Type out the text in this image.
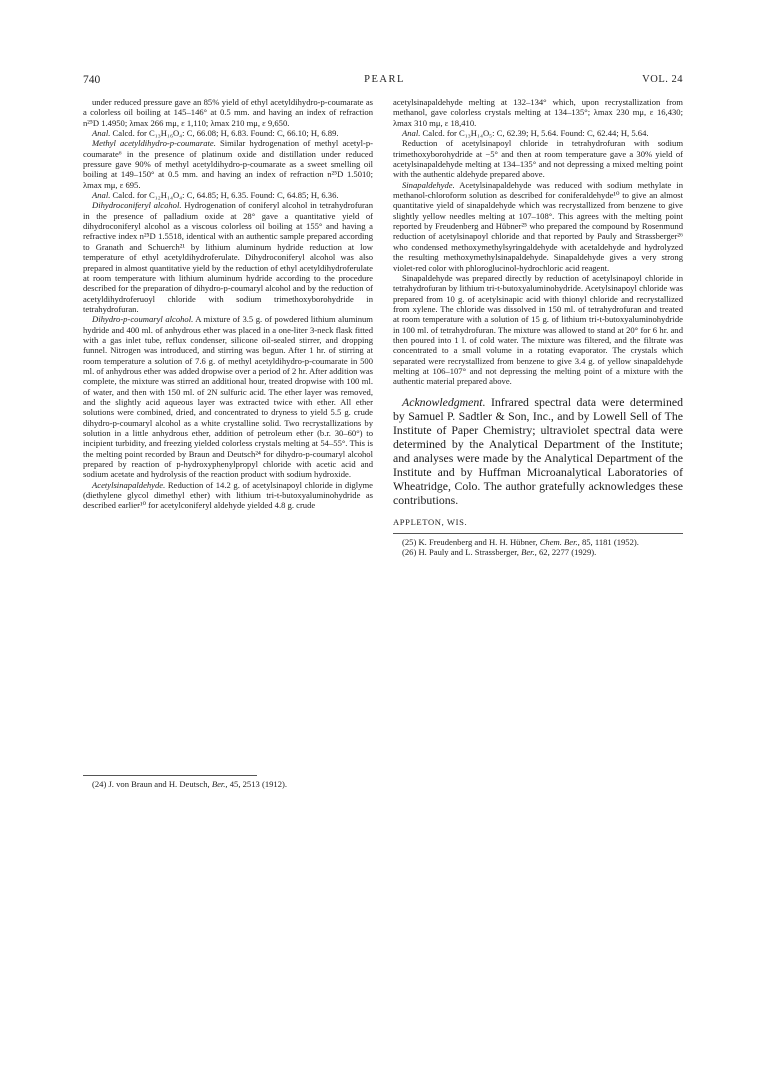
740	PEARL	VOL. 24

under reduced pressure gave an 85% yield of ethyl acetyldihydro-p-coumarate as a colorless oil boiling at 145–146° at 0.5 mm. and having an index of refraction n²⁵D 1.4950; λmax 266 mμ, ε 1,110; λmax 210 mμ, ε 9,650.

Anal. Calcd. for C₁₃H₁₆O₄: C, 66.08; H, 6.83. Found: C, 66.10; H, 6.89.

Methyl acetyldihydro-p-coumarate. Similar hydrogenation of methyl acetyl-p-coumarate⁶ in the presence of platinum oxide and distillation under reduced pressure gave 90% of methyl acetyldihydro-p-coumarate as a sweet smelling oil boiling at 149–150° at 0.5 mm. and having an index of refraction n²⁵D 1.5010; λmax mμ, ε 695.

Anal. Calcd. for C₁₂H₁₄O₄: C, 64.85; H, 6.35. Found: C, 64.85; H, 6.36.

Dihydroconiferyl alcohol. Hydrogenation of coniferyl alcohol in tetrahydrofuran in the presence of palladium oxide at 28° gave a quantitative yield of dihydroconiferyl alcohol as a viscous colorless oil boiling at 155° and having a refractive index n²⁵D 1.5518, identical with an authentic sample prepared according to Granath and Schuerch²¹ by lithium aluminum hydride reduction at low temperature of ethyl acetyldihydroferulate. Dihydroconiferyl alcohol was also prepared in almost quantitative yield by the reduction of ethyl acetyldihydroferulate at room temperature with lithium aluminum hydride according to the procedure described for the preparation of dihydro-p-coumaryl alcohol and by the reduction of acetyldihydroferuoyl chloride with sodium trimethoxyborohydride in tetrahydrofuran.

Dihydro-p-coumaryl alcohol. A mixture of 3.5 g. of powdered lithium aluminum hydride and 400 ml. of anhydrous ether was placed in a one-liter 3-neck flask fitted with a gas inlet tube, reflux condenser, silicone oil-sealed stirrer, and dropping funnel. Nitrogen was introduced, and stirring was begun. After 1 hr. of stirring at room temperature a solution of 7.6 g. of methyl acetyldihydro-p-coumarate in 500 ml. of anhydrous ether was added dropwise over a period of 2 hr. After addition was complete, the mixture was stirred an additional hour, treated dropwise with 100 ml. of water, and then with 150 ml. of 2N sulfuric acid. The ether layer was removed, and the slightly acid aqueous layer was extracted twice with ether. All ether solutions were combined, dried, and concentrated to dryness to yield 5.5 g. crude dihydro-p-coumaryl alcohol as a white crystalline solid. Two recrystallizations by solution in a little anhydrous ether, addition of petroleum ether (b.r. 30–60°) to incipient turbidity, and freezing yielded colorless crystals melting at 54–55°. This is the melting point recorded by Braun and Deutsch²⁴ for dihydro-p-coumaryl alcohol prepared by reaction of p-hydroxyphenylpropyl chloride with acetic acid and sodium acetate and hydrolysis of the reaction product with sodium hydroxide.

Acetylsinapaldehyde. Reduction of 14.2 g. of acetylsinapoyl chloride in diglyme (diethylene glycol dimethyl ether) with lithium tri-t-butoxyaluminohydride as described earlier¹⁰ for acetylconiferyl aldehyde yielded 4.8 g. crude

(24) J. von Braun and H. Deutsch, Ber., 45, 2513 (1912).

acetylsinapaldehyde melting at 132–134° which, upon recrystallization from methanol, gave colorless crystals melting at 134–135°; λmax 230 mμ, ε 16,430; λmax 310 mμ, ε 18,410.

Anal. Calcd. for C₁₃H₁₄O₅: C, 62.39; H, 5.64. Found: C, 62.44; H, 5.64.

Reduction of acetylsinapoyl chloride in tetrahydrofuran with sodium trimethoxyborohydride at −5° and then at room temperature gave a 30% yield of acetylsinapaldehyde melting at 134–135° and not depressing a mixed melting point with the authentic aldehyde prepared above.

Sinapaldehyde. Acetylsinapaldehyde was reduced with sodium methylate in methanol-chloroform solution as described for coniferaldehyde¹⁰ to give an almost quantitative yield of sinapaldehyde which was recrystallized from benzene to give slightly yellow needles melting at 107–108°. This agrees with the melting point reported by Freudenberg and Hübner²⁵ who prepared the compound by Rosenmund reduction of acetylsinapoyl chloride and that reported by Pauly and Strassberger²⁶ who condensed methoxymethylsyringaldehyde with acetaldehyde and hydrolyzed the resulting methoxymethylsinapaldehyde. Sinapaldehyde gives a very strong violet-red color with phloroglucinol-hydrochloric acid reagent.

Sinapaldehyde was prepared directly by reduction of acetylsinapoyl chloride in tetrahydrofuran by lithium tri-t-butoxyaluminohydride. Acetylsinapoyl chloride was prepared from 10 g. of acetylsinapic acid with thionyl chloride and recrystallized from xylene. The chloride was dissolved in 150 ml. of tetrahydrofuran and treated at room temperature with a solution of 15 g. of lithium tri-t-butoxyaluminohydride in 100 ml. of tetrahydrofuran. The mixture was allowed to stand at 20° for 6 hr. and then poured into 1 l. of cold water. The mixture was filtered, and the filtrate was concentrated to a small volume in a rotating evaporator. The crystals which separated were recrystallized from benzene to give 3.4 g. of yellow sinapaldehyde melting at 106–107° and not depressing the melting point of a mixture with the authentic material prepared above.

Acknowledgment. Infrared spectral data were determined by Samuel P. Sadtler & Son, Inc., and by Lowell Sell of The Institute of Paper Chemistry; ultraviolet spectral data were determined by the Analytical Department of the Institute; and analyses were made by the Analytical Department of the Institute and by Huffman Microanalytical Laboratories of Wheatridge, Colo. The author gratefully acknowledges these contributions.

APPLETON, WIS.

(25) K. Freudenberg and H. H. Hübner, Chem. Ber., 85, 1181 (1952).

(26) H. Pauly and L. Strassberger, Ber., 62, 2277 (1929).
